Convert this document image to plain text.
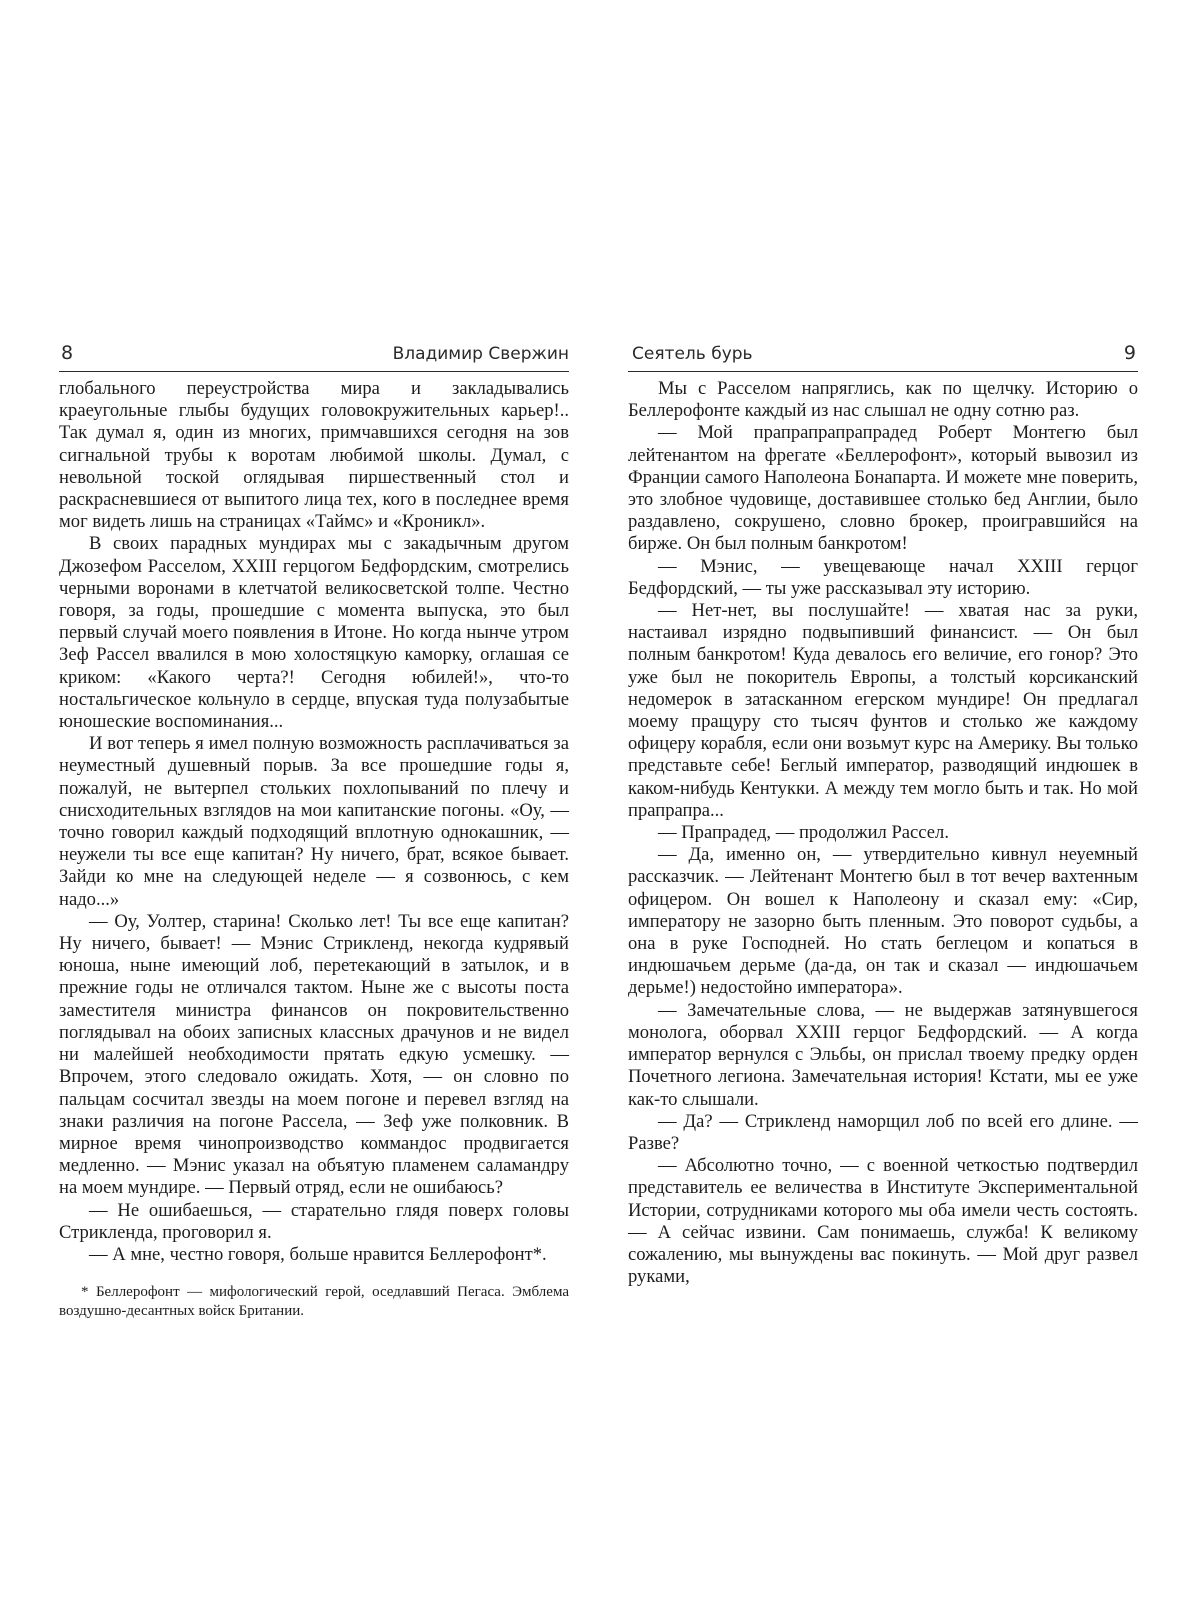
8	Владимир Свержин

глобального переустройства мира и закладывались краеугольные глыбы будущих головокружительных карьер!.. Так думал я, один из многих, примчавшихся сегодня на зов сигнальной трубы к воротам любимой школы. Думал, с невольной тоской оглядывая пиршественный стол и раскрасневшиеся от выпитого лица тех, кого в последнее время мог видеть лишь на страницах «Таймс» и «Кроникл».

В своих парадных мундирах мы с закадычным другом Джозефом Расселом, XXIII герцогом Бедфордским, смотрелись черными воронами в клетчатой великосветской толпе. Честно говоря, за годы, прошедшие с момента выпуска, это был первый случай моего появления в Итоне. Но когда нынче утром Зеф Рассел ввалился в мою холостяцкую каморку, оглашая се криком: «Какого черта?! Сегодня юбилей!», что-то ностальгическое кольнуло в сердце, впуская туда полузабытые юношеские воспоминания...

И вот теперь я имел полную возможность расплачиваться за неуместный душевный порыв. За все прошедшие годы я, пожалуй, не вытерпел стольких похлопываний по плечу и снисходительных взглядов на мои капитанские погоны. «Оу, — точно говорил каждый подходящий вплотную однокашник, — неужели ты все еще капитан? Ну ничего, брат, всякое бывает. Зайди ко мне на следующей неделе — я созвонюсь, с кем надо...»

— Оу, Уолтер, старина! Сколько лет! Ты все еще капитан? Ну ничего, бывает! — Мэнис Стрикленд, некогда кудрявый юноша, ныне имеющий лоб, перетекающий в затылок, и в прежние годы не отличался тактом. Ныне же с высоты поста заместителя министра финансов он покровительственно поглядывал на обоих записных классных драчунов и не видел ни малейшей необходимости прятать едкую усмешку. — Впрочем, этого следовало ожидать. Хотя, — он словно по пальцам сосчитал звезды на моем погоне и перевел взгляд на знаки различия на погоне Рассела, — Зеф уже полковник. В мирное время чинопроизводство коммандос продвигается медленно. — Мэнис указал на объятую пламенем саламандру на моем мундире. — Первый отряд, если не ошибаюсь?

— Не ошибаешься, — старательно глядя поверх головы Стрикленда, проговорил я.

— А мне, честно говоря, больше нравится Беллерофонт*.

* Беллерофонт — мифологический герой, оседлавший Пегаса. Эмблема воздушно-десантных войск Британии.

Сеятель бурь	9

Мы с Расселом напряглись, как по щелчку. Историю о Беллерофонте каждый из нас слышал не одну сотню раз.

— Мой прапрапрапрапрадед Роберт Монтегю был лейтенантом на фрегате «Беллерофонт», который вывозил из Франции самого Наполеона Бонапарта. И можете мне поверить, это злобное чудовище, доставившее столько бед Англии, было раздавлено, сокрушено, словно брокер, проигравшийся на бирже. Он был полным банкротом!

— Мэнис, — увещевающе начал XXIII герцог Бедфордский, — ты уже рассказывал эту историю.

— Нет-нет, вы послушайте! — хватая нас за руки, настаивал изрядно подвыпивший финансист. — Он был полным банкротом! Куда девалось его величие, его гонор? Это уже был не покоритель Европы, а толстый корсиканский недомерок в затасканном егерском мундире! Он предлагал моему пращуру сто тысяч фунтов и столько же каждому офицеру корабля, если они возьмут курс на Америку. Вы только представьте себе! Беглый император, разводящий индюшек в каком-нибудь Кентукки. А между тем могло быть и так. Но мой прапрапра...

— Прапрадед, — продолжил Рассел.

— Да, именно он, — утвердительно кивнул неуемный рассказчик. — Лейтенант Монтегю был в тот вечер вахтенным офицером. Он вошел к Наполеону и сказал ему: «Сир, императору не зазорно быть пленным. Это поворот судьбы, а она в руке Господней. Но стать беглецом и копаться в индюшачьем дерьме (да-да, он так и сказал — индюшачьем дерьме!) недостойно императора».

— Замечательные слова, — не выдержав затянувшегося монолога, оборвал XXIII герцог Бедфордский. — А когда император вернулся с Эльбы, он прислал твоему предку орден Почетного легиона. Замечательная история! Кстати, мы ее уже как-то слышали.

— Да? — Стрикленд наморщил лоб по всей его длине. — Разве?

— Абсолютно точно, — с военной четкостью подтвердил представитель ее величества в Институте Экспериментальной Истории, сотрудниками которого мы оба имели честь состоять. — А сейчас извини. Сам понимаешь, служба! К великому сожалению, мы вынуждены вас покинуть. — Мой друг развел руками,
